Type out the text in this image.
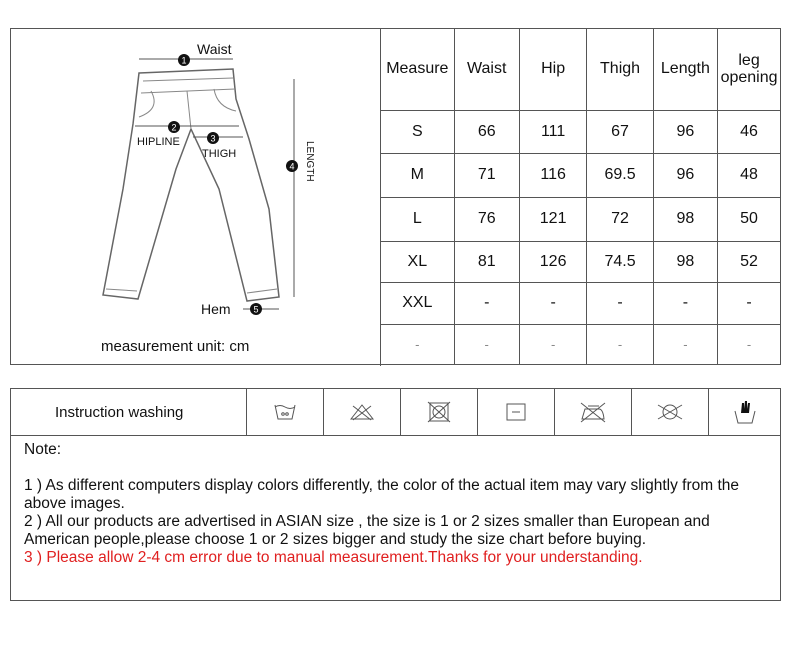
1
Waist
2
HIPLINE	3
THIGH
4 LENGTH
5
Hem
measurement unit: cm
Measure	Waist	Hip	Thigh	Length	leg opening
S	66	111	67	96	46
M	71	116	69.5	96	48
L	76	121	72	98	50
XL	81	126	74.5	98	52
XXL	-	-	-	-	-
-	-	-	-	-	-
Instruction washing

Note:

1 ) As different computers display colors differently, the color of the actual item may vary slightly from the above images.

2 ) All our products are advertised in ASIAN size , the size is 1 or 2 sizes smaller than European and American people,please choose 1 or 2 sizes bigger and study the size chart before buying.

3 ) Please allow 2-4 cm error due to manual measurement.Thanks for your understanding.
